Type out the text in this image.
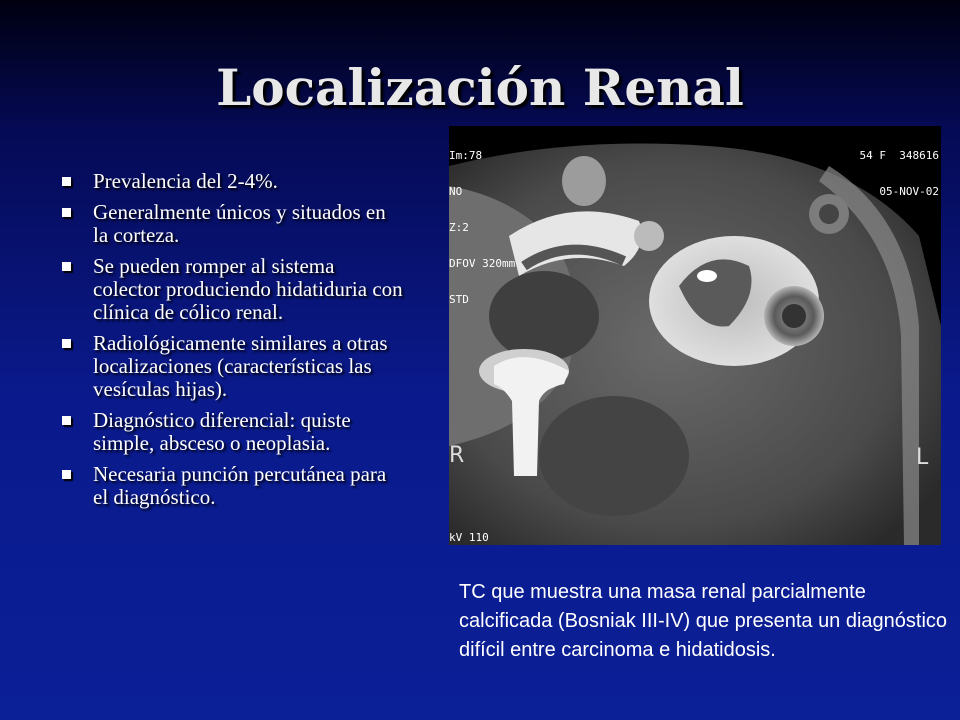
Localización Renal
Prevalencia del 2-4%.
Generalmente únicos y situados en la corteza.
Se pueden romper al sistema colector produciendo hidatiduria con clínica de cólico renal.
Radiológicamente similares a otras localizaciones (características las vesículas hijas).
Diagnóstico diferencial: quiste simple, absceso o neoplasia.
Necesaria punción percutánea para el diagnóstico.

Im:78

NO

Z:2

DFOV 320mm

STD

54 F  348616

05-NOV-02

kV 110

R	L
TC que muestra una masa renal parcialmente calcificada (Bosniak III-IV) que presenta un diagnóstico difícil entre carcinoma e hidatidosis.
